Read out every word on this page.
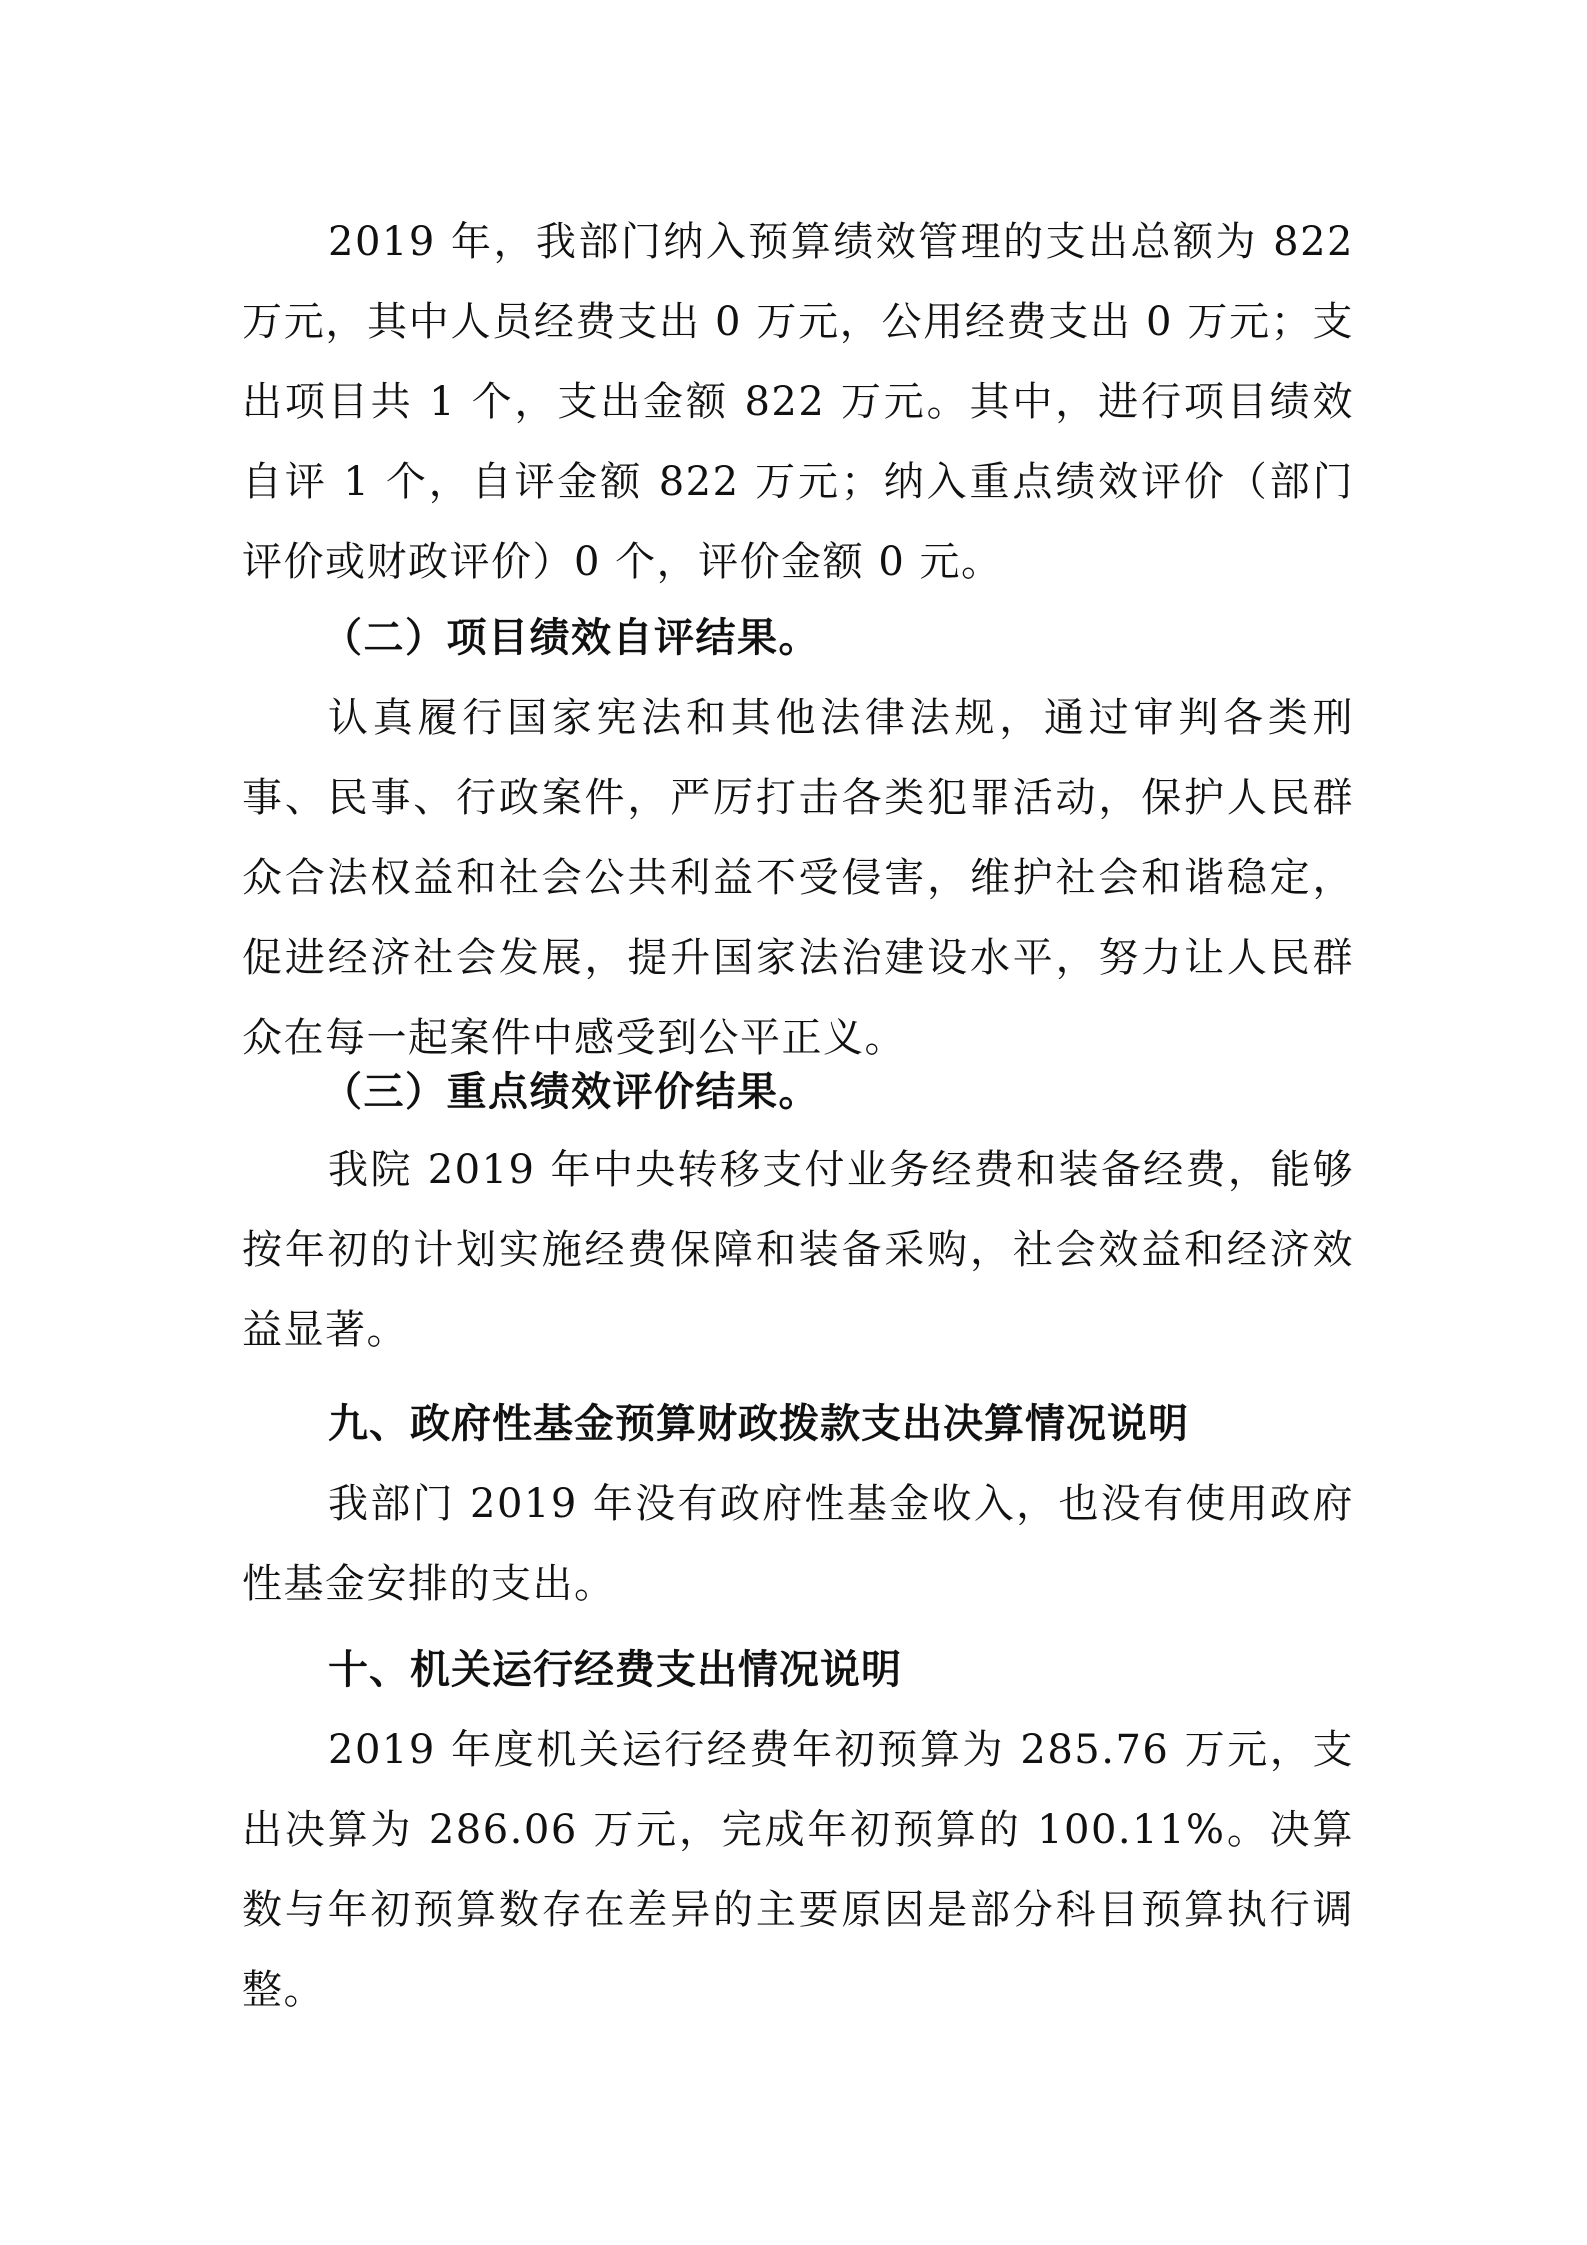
2019 年，我部门纳入预算绩效管理的支出总额为 822 万元，其中人员经费支出 0 万元，公用经费支出 0 万元；支出项目共 1 个，支出金额 822 万元。其中，进行项目绩效自评 1 个，自评金额 822 万元；纳入重点绩效评价（部门评价或财政评价）0 个，评价金额 0 元。

（二）项目绩效自评结果。

认真履行国家宪法和其他法律法规，通过审判各类刑事、民事、行政案件，严厉打击各类犯罪活动，保护人民群众合法权益和社会公共利益不受侵害，维护社会和谐稳定，促进经济社会发展，提升国家法治建设水平，努力让人民群众在每一起案件中感受到公平正义。

（三）重点绩效评价结果。

我院 2019 年中央转移支付业务经费和装备经费，能够按年初的计划实施经费保障和装备采购，社会效益和经济效益显著。

九、政府性基金预算财政拨款支出决算情况说明

我部门 2019 年没有政府性基金收入，也没有使用政府性基金安排的支出。

十、机关运行经费支出情况说明

2019 年度机关运行经费年初预算为 285.76 万元，支出决算为 286.06 万元，完成年初预算的 100.11%。决算数与年初预算数存在差异的主要原因是部分科目预算执行调整。
